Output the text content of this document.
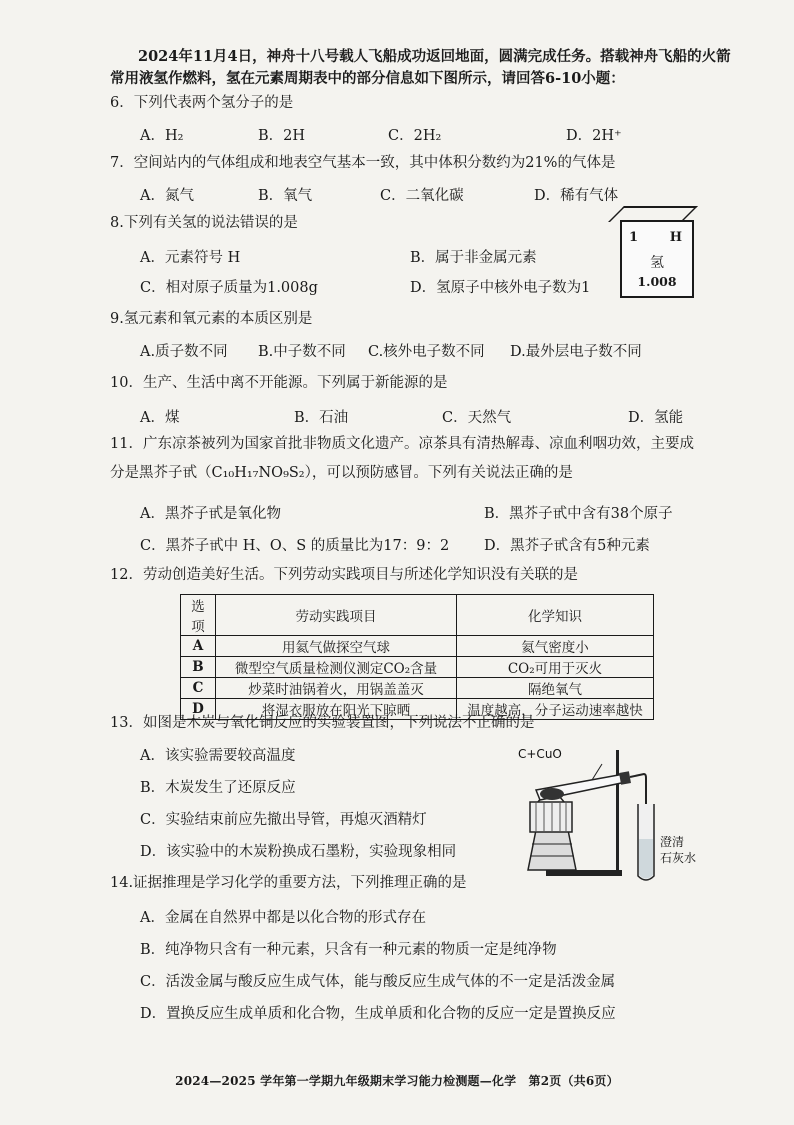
2024年11月4日，神舟十八号载人飞船成功返回地面，圆满完成任务。搭载神舟飞船的火箭常用液氢作燃料，氢在元素周期表中的部分信息如下图所示，请回答6-10小题：
6．下列代表两个氢分子的是
A．H₂	B．2H	C．2H₂	D．2H⁺
7．空间站内的气体组成和地表空气基本一致，其中体积分数约为21%的气体是
A．氮气	B．氧气	C．二氧化碳	D．稀有气体
8.下列有关氢的说法错误的是
A．元素符号 H	B．属于非金属元素
C．相对原子质量为1.008g	D．氢原子中核外电子数为1
1 H
氢
1.008
9.氢元素和氧元素的本质区别是
A.质子数不同 B.中子数不同 C.核外电子数不同 D.最外层电子数不同
10．生产、生活中离不开能源。下列属于新能源的是
A．煤	B．石油	C．天然气	D．氢能
11．广东凉茶被列为国家首批非物质文化遗产。凉茶具有清热解毒、凉血利咽功效，主要成分是黑芥子甙（C₁₀H₁₇NO₉S₂），可以预防感冒。下列有关说法正确的是
A．黑芥子甙是氧化物	B．黑芥子甙中含有38个原子
C．黑芥子甙中 H、O、S 的质量比为17：9：2 D．黑芥子甙含有5种元素
12．劳动创造美好生活。下列劳动实践项目与所述化学知识没有关联的是
选项	劳动实践项目	化学知识
A	用氦气做探空气球	氦气密度小
B	微型空气质量检测仪测定CO₂含量	CO₂可用于灭火
C	炒菜时油锅着火，用锅盖盖灭	隔绝氧气
D	将湿衣服放在阳光下晾晒	温度越高，分子运动速率越快
13．如图是木炭与氧化铜反应的实验装置图，下列说法不正确的是
A．该实验需要较高温度
B．木炭发生了还原反应
C．实验结束前应先撤出导管，再熄灭酒精灯
D．该实验中的木炭粉换成石墨粉，实验现象相同
C+CuO
澄清
石灰水
14.证据推理是学习化学的重要方法，下列推理正确的是
A．金属在自然界中都是以化合物的形式存在
B．纯净物只含有一种元素，只含有一种元素的物质一定是纯净物
C．活泼金属与酸反应生成气体，能与酸反应生成气体的不一定是活泼金属
D．置换反应生成单质和化合物，生成单质和化合物的反应一定是置换反应
2024—2025 学年第一学期九年级期末学习能力检测题—化学　第2页（共6页）
